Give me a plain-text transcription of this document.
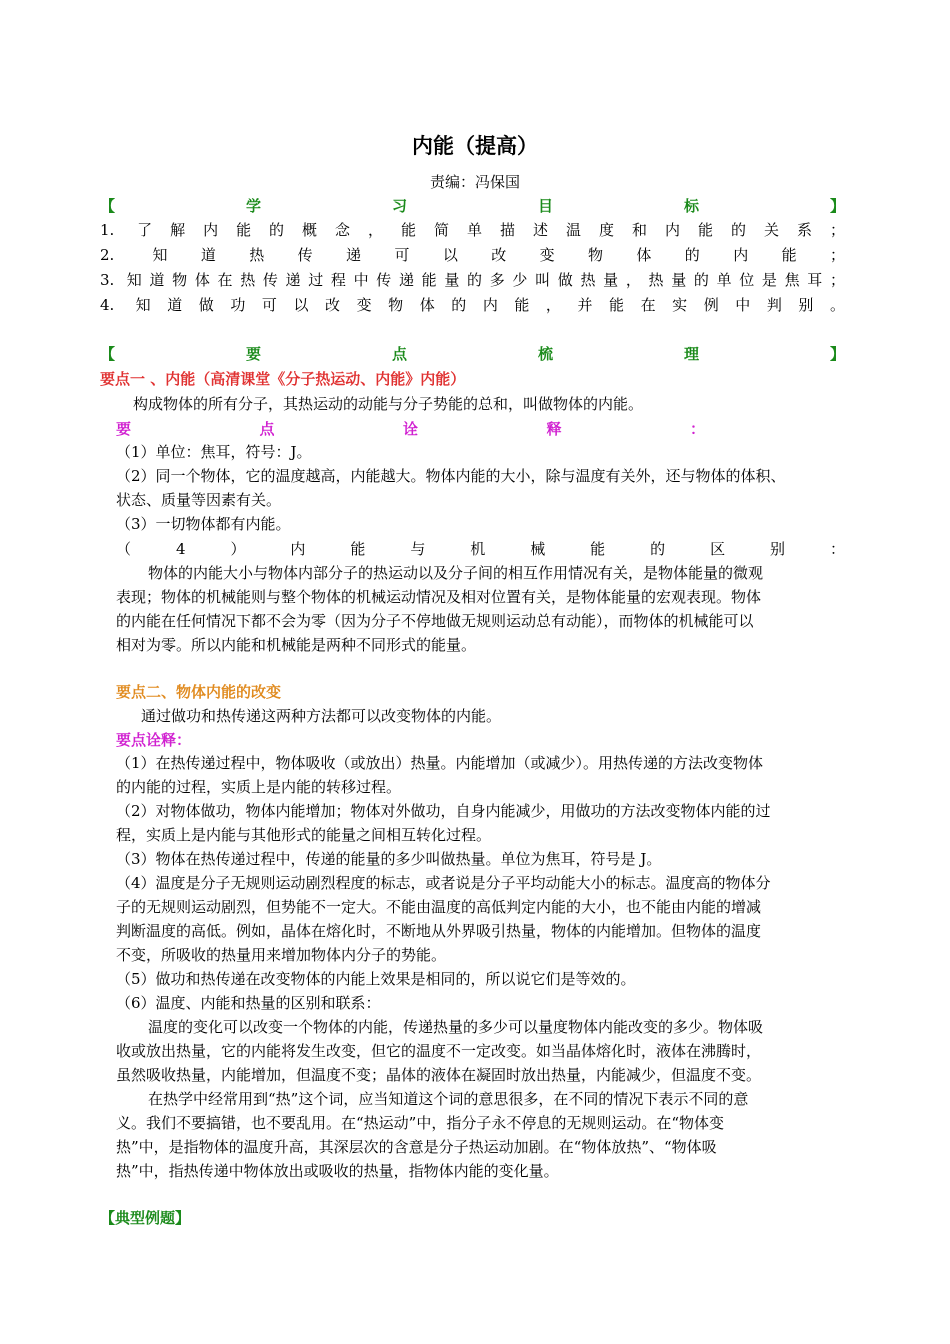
内能（提高）
责编：冯保国
【学习目标】
1. 了解内能的概念，能简单描述温度和内能的关系；
2. 知道热传递可以改变物体的内能；
3. 知道物体在热传递过程中传递能量的多少叫做热量，热量的单位是焦耳；
4. 知道做功可以改变物体的内能，并能在实例中判别。
【要点梳理】
要点一 、内能（高清课堂《分子热运动、内能》内能）
构成物体的所有分子，其热运动的动能与分子势能的总和，叫做物体的内能。
要点诠释：
（1）单位：焦耳，符号：J。
（2）同一个物体，它的温度越高，内能越大。物体内能的大小，除与温度有关外，还与物体的体积、
状态、质量等因素有关。
（3）一切物体都有内能。
（4）内能与机械能的区别：
物体的内能大小与物体内部分子的热运动以及分子间的相互作用情况有关，是物体能量的微观
表现；物体的机械能则与整个物体的机械运动情况及相对位置有关，是物体能量的宏观表现。物体
的内能在任何情况下都不会为零（因为分子不停地做无规则运动总有动能），而物体的机械能可以
相对为零。所以内能和机械能是两种不同形式的能量。
要点二、物体内能的改变
通过做功和热传递这两种方法都可以改变物体的内能。
要点诠释：
（1）在热传递过程中，物体吸收（或放出）热量。内能增加（或减少）。用热传递的方法改变物体
的内能的过程，实质上是内能的转移过程。
（2）对物体做功，物体内能增加；物体对外做功，自身内能减少，用做功的方法改变物体内能的过
程，实质上是内能与其他形式的能量之间相互转化过程。
（3）物体在热传递过程中，传递的能量的多少叫做热量。单位为焦耳，符号是 J。
（4）温度是分子无规则运动剧烈程度的标志，或者说是分子平均动能大小的标志。温度高的物体分
子的无规则运动剧烈，但势能不一定大。不能由温度的高低判定内能的大小，也不能由内能的增减
判断温度的高低。例如，晶体在熔化时，不断地从外界吸引热量，物体的内能增加。但物体的温度
不变，所吸收的热量用来增加物体内分子的势能。
（5）做功和热传递在改变物体的内能上效果是相同的，所以说它们是等效的。
（6）温度、内能和热量的区别和联系：
温度的变化可以改变一个物体的内能，传递热量的多少可以量度物体内能改变的多少。物体吸
收或放出热量，它的内能将发生改变，但它的温度不一定改变。如当晶体熔化时，液体在沸腾时，
虽然吸收热量，内能增加，但温度不变；晶体的液体在凝固时放出热量，内能减少，但温度不变。
在热学中经常用到“热”这个词，应当知道这个词的意思很多，在不同的情况下表示不同的意
义。我们不要搞错，也不要乱用。在“热运动”中，指分子永不停息的无规则运动。在“物体变
热”中，是指物体的温度升高，其深层次的含意是分子热运动加剧。在“物体放热”、“物体吸
热”中，指热传递中物体放出或吸收的热量，指物体内能的变化量。
【典型例题】
